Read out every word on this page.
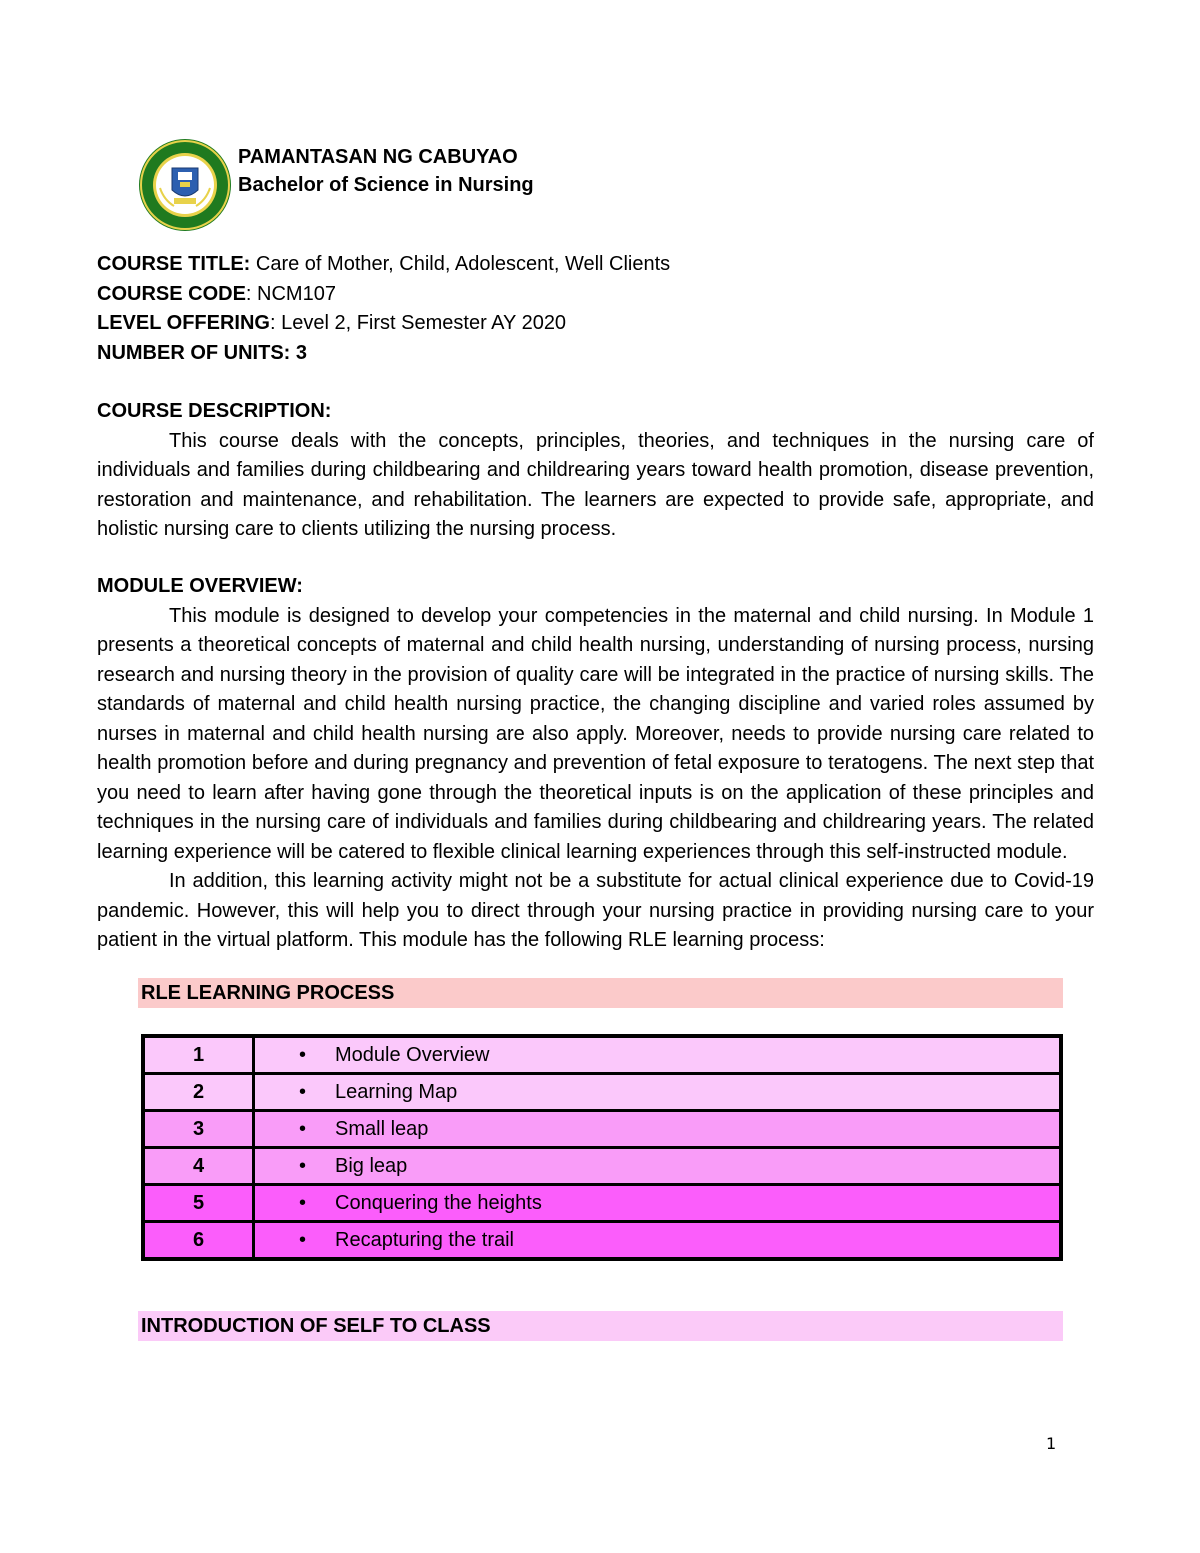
PAMANTASAN NG CABUYAO
Bachelor of Science in Nursing
COURSE TITLE: Care of Mother, Child, Adolescent, Well Clients
COURSE CODE: NCM107
LEVEL OFFERING: Level 2, First Semester AY 2020
NUMBER OF UNITS: 3
COURSE DESCRIPTION:

This course deals with the concepts, principles, theories, and techniques in the nursing care of individuals and families during childbearing and childrearing years toward health promotion, disease prevention, restoration and maintenance, and rehabilitation. The learners are expected to provide safe, appropriate, and holistic nursing care to clients utilizing the nursing process.

MODULE OVERVIEW:

This module is designed to develop your competencies in the maternal and child nursing. In Module 1 presents a theoretical concepts of maternal and child health nursing, understanding of nursing process, nursing research and nursing theory in the provision of quality care will be integrated in the practice of nursing skills. The standards of maternal and child health nursing practice, the changing discipline and varied roles assumed by nurses in maternal and child health nursing are also apply. Moreover, needs to provide nursing care related to health promotion before and during pregnancy and prevention of fetal exposure to teratogens. The next step that you need to learn after having gone through the theoretical inputs is on the application of these principles and techniques in the nursing care of individuals and families during childbearing and childrearing years. The related learning experience will be catered to flexible clinical learning experiences through this self-instructed module.

In addition, this learning activity might not be a substitute for actual clinical experience due to Covid-19 pandemic. However, this will help you to direct through your nursing practice in providing nursing care to your patient in the virtual platform. This module has the following RLE learning process:

RLE LEARNING PROCESS
1	• Module Overview
2	• Learning Map
3	• Small leap
4	• Big leap
5	• Conquering the heights
6	• Recapturing the trail
INTRODUCTION OF SELF TO CLASS
1
